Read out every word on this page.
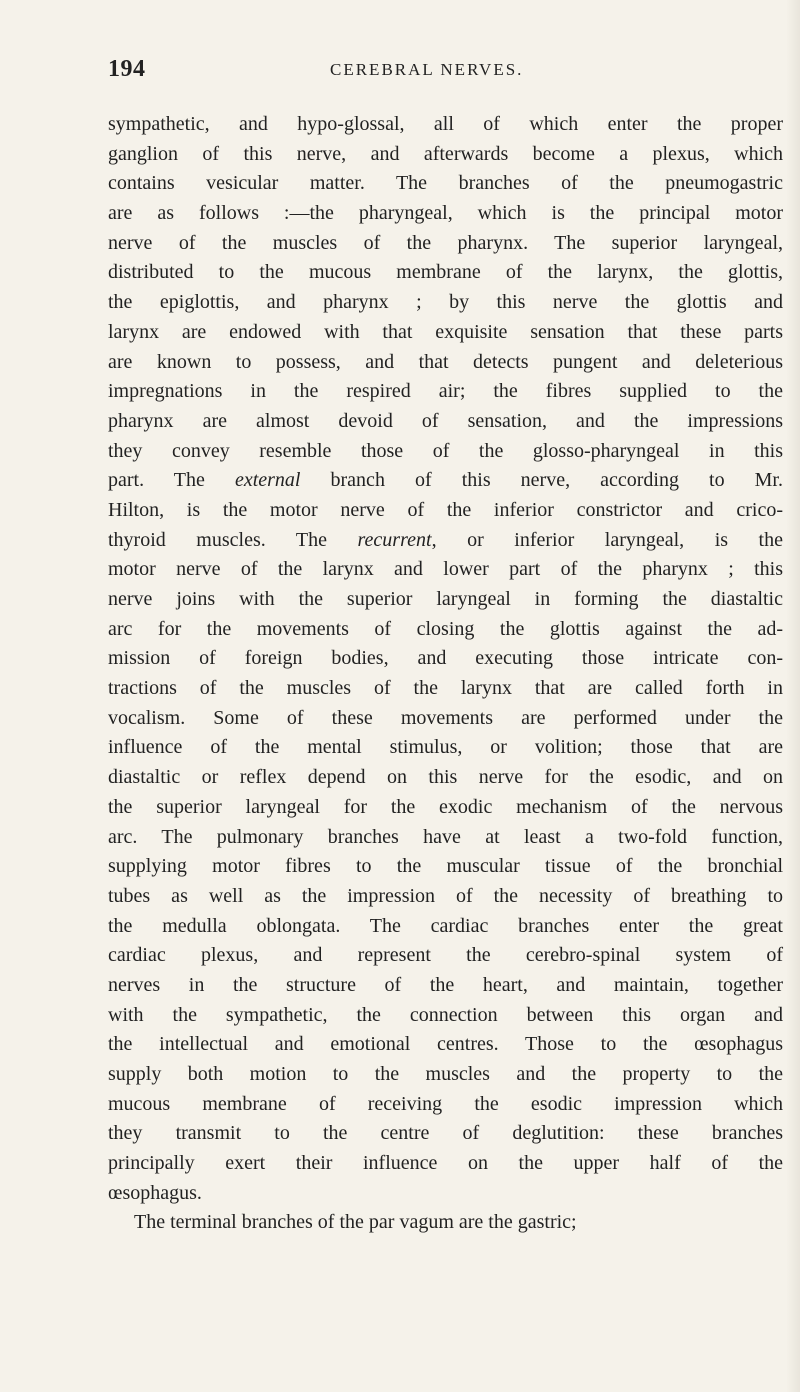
194	CEREBRAL NERVES.
sympathetic, and hypo-glossal, all of which enter the proper
ganglion of this nerve, and afterwards become a plexus, which
contains vesicular matter. The branches of the pneumogastric
are as follows :—the pharyngeal, which is the principal motor
nerve of the muscles of the pharynx. The superior laryngeal,
distributed to the mucous membrane of the larynx, the glottis,
the epiglottis, and pharynx ; by this nerve the glottis and
larynx are endowed with that exquisite sensation that these parts
are known to possess, and that detects pungent and deleterious
impregnations in the respired air; the fibres supplied to the
pharynx are almost devoid of sensation, and the impressions
they convey resemble those of the glosso-pharyngeal in this
part. The external branch of this nerve, according to Mr.
Hilton, is the motor nerve of the inferior constrictor and crico-
thyroid muscles. The recurrent, or inferior laryngeal, is the
motor nerve of the larynx and lower part of the pharynx ; this
nerve joins with the superior laryngeal in forming the diastaltic
arc for the movements of closing the glottis against the ad-
mission of foreign bodies, and executing those intricate con-
tractions of the muscles of the larynx that are called forth in
vocalism. Some of these movements are performed under the
influence of the mental stimulus, or volition; those that are
diastaltic or reflex depend on this nerve for the esodic, and on
the superior laryngeal for the exodic mechanism of the nervous
arc. The pulmonary branches have at least a two-fold function,
supplying motor fibres to the muscular tissue of the bronchial
tubes as well as the impression of the necessity of breathing to
the medulla oblongata. The cardiac branches enter the great
cardiac plexus, and represent the cerebro-spinal system of
nerves in the structure of the heart, and maintain, together
with the sympathetic, the connection between this organ and
the intellectual and emotional centres. Those to the œsophagus
supply both motion to the muscles and the property to the
mucous membrane of receiving the esodic impression which
they transmit to the centre of deglutition: these branches
principally exert their influence on the upper half of the
œsophagus.
The terminal branches of the par vagum are the gastric;
